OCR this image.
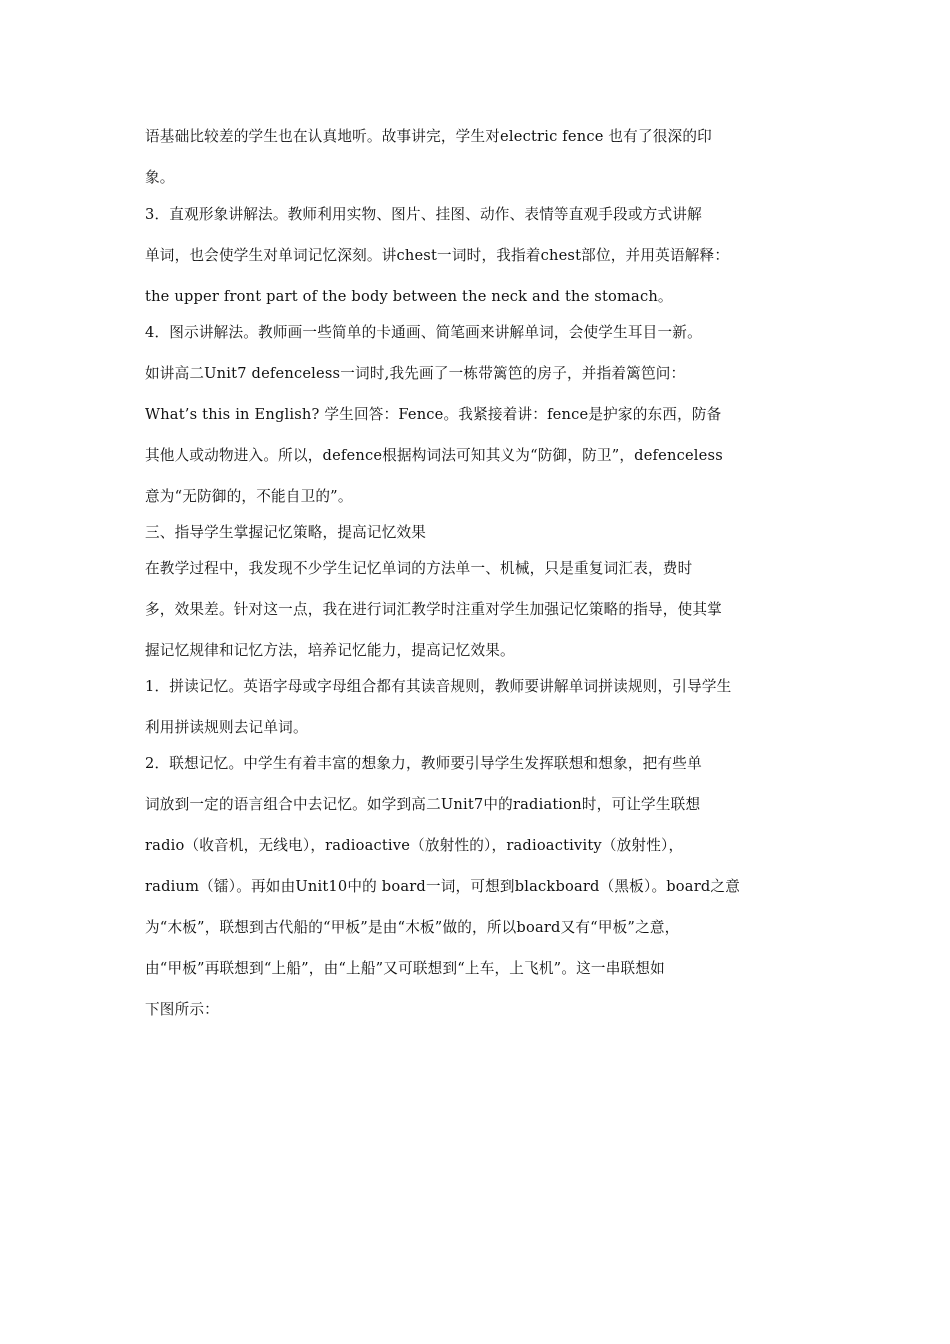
语基础比较差的学生也在认真地听。故事讲完，学生对electric fence 也有了很深的印
象。
3．直观形象讲解法。教师利用实物、图片、挂图、动作、表情等直观手段或方式讲解
单词，也会使学生对单词记忆深刻。讲chest一词时，我指着chest部位，并用英语解释：
the upper front part of the body between the neck and the stomach。
4．图示讲解法。教师画一些简单的卡通画、简笔画来讲解单词，会使学生耳目一新。
如讲高二Unit7 defenceless一词时,我先画了一栋带篱笆的房子，并指着篱笆问：
What’s this in English? 学生回答：Fence。我紧接着讲：fence是护家的东西，防备
其他人或动物进入。所以，defence根据构词法可知其义为“防御，防卫”，defenceless
意为“无防御的，不能自卫的”。
三、指导学生掌握记忆策略，提高记忆效果
在教学过程中，我发现不少学生记忆单词的方法单一、机械，只是重复词汇表，费时
多，效果差。针对这一点，我在进行词汇教学时注重对学生加强记忆策略的指导，使其掌
握记忆规律和记忆方法，培养记忆能力，提高记忆效果。
1．拼读记忆。英语字母或字母组合都有其读音规则，教师要讲解单词拼读规则，引导学生
利用拼读规则去记单词。
2．联想记忆。中学生有着丰富的想象力，教师要引导学生发挥联想和想象，把有些单
词放到一定的语言组合中去记忆。如学到高二Unit7中的radiation时，可让学生联想
radio（收音机，无线电），radioactive（放射性的），radioactivity（放射性），
radium（镭）。再如由Unit10中的 board一词，可想到blackboard（黑板）。board之意
为“木板”，联想到古代船的“甲板”是由“木板”做的，所以board又有“甲板”之意，
由“甲板”再联想到“上船”，由“上船”又可联想到“上车，上飞机”。这一串联想如
下图所示：
